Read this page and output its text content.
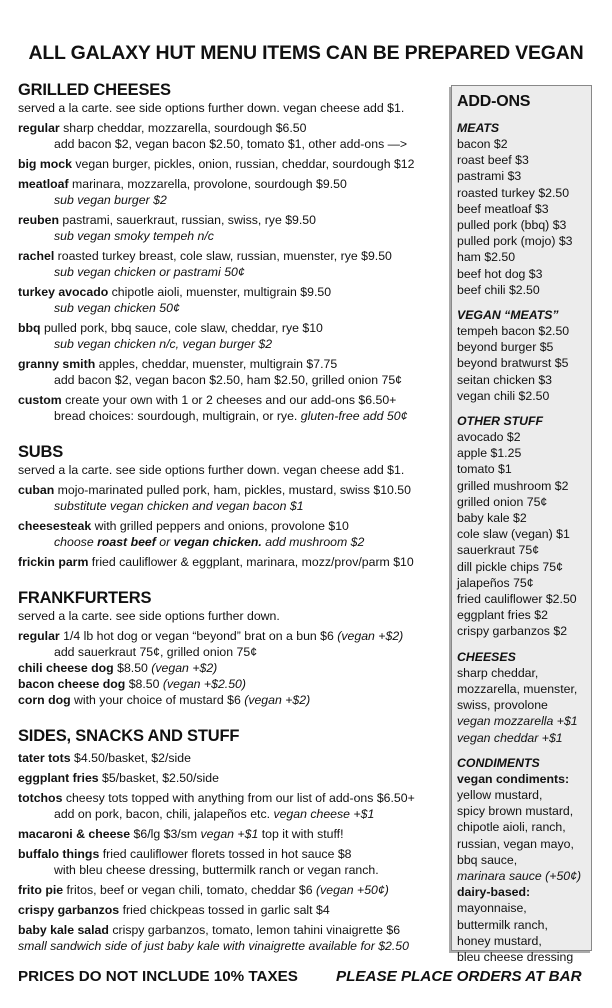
ALL GALAXY HUT MENU ITEMS CAN BE PREPARED VEGAN
GRILLED CHEESES
served a la carte. see side options further down. vegan cheese add $1.
regular sharp cheddar, mozzarella, sourdough $6.50
add bacon $2, vegan bacon $2.50, tomato $1, other add-ons —>
big mock vegan burger, pickles, onion, russian, cheddar, sourdough $12
meatloaf marinara, mozzarella, provolone, sourdough $9.50
sub vegan burger $2
reuben pastrami, sauerkraut, russian, swiss, rye $9.50
sub vegan smoky tempeh n/c
rachel roasted turkey breast, cole slaw, russian, muenster, rye $9.50
sub vegan chicken or pastrami 50¢
turkey avocado chipotle aioli, muenster, multigrain $9.50
sub vegan chicken 50¢
bbq pulled pork, bbq sauce, cole slaw, cheddar, rye $10
sub vegan chicken n/c, vegan burger $2
granny smith apples, cheddar, muenster, multigrain $7.75
add bacon $2, vegan bacon $2.50, ham $2.50, grilled onion 75¢
custom create your own with 1 or 2 cheeses and our add-ons $6.50+
bread choices: sourdough, multigrain, or rye. gluten-free add 50¢
SUBS
served a la carte. see side options further down. vegan cheese add $1.
cuban mojo-marinated pulled pork, ham, pickles, mustard, swiss $10.50
substitute vegan chicken and vegan bacon $1
cheesesteak with grilled peppers and onions, provolone $10
choose roast beef or vegan chicken. add mushroom $2
frickin parm fried cauliflower & eggplant, marinara, mozz/prov/parm $10
FRANKFURTERS
served a la carte. see side options further down.
regular 1/4 lb hot dog or vegan “beyond” brat on a bun $6 (vegan +$2)
add sauerkraut 75¢, grilled onion 75¢
chili cheese dog $8.50 (vegan +$2)
bacon cheese dog $8.50 (vegan +$2.50)
corn dog with your choice of mustard $6 (vegan +$2)
SIDES, SNACKS AND STUFF
tater tots $4.50/basket, $2/side
eggplant fries $5/basket, $2.50/side
totchos cheesy tots topped with anything from our list of add-ons $6.50+
add on pork, bacon, chili, jalapeños etc. vegan cheese +$1
macaroni & cheese $6/lg $3/sm vegan +$1 top it with stuff!
buffalo things fried cauliflower florets tossed in hot sauce $8
with bleu cheese dressing, buttermilk ranch or vegan ranch.
frito pie fritos, beef or vegan chili, tomato, cheddar $6 (vegan +50¢)
crispy garbanzos fried chickpeas tossed in garlic salt $4
baby kale salad crispy garbanzos, tomato, lemon tahini vinaigrette $6
small sandwich side of just baby kale with vinaigrette available for $2.50
ADD-ONS
MEATS
bacon $2
roast beef $3
pastrami $3
roasted turkey $2.50
beef meatloaf $3
pulled pork (bbq) $3
pulled pork (mojo) $3
ham $2.50
beef hot dog $3
beef chili $2.50
VEGAN “MEATS”
tempeh bacon $2.50
beyond burger $5
beyond bratwurst $5
seitan chicken $3
vegan chili $2.50
OTHER STUFF
avocado $2
apple $1.25
tomato $1
grilled mushroom $2
grilled onion 75¢
baby kale $2
cole slaw (vegan) $1
sauerkraut 75¢
dill pickle chips 75¢
jalapeños 75¢
fried cauliflower $2.50
eggplant fries $2
crispy garbanzos $2
CHEESES
sharp cheddar,
mozzarella, muenster,
swiss, provolone
vegan mozzarella +$1
vegan cheddar +$1
CONDIMENTS
vegan condiments:
yellow mustard,
spicy brown mustard,
chipotle aioli, ranch,
russian, vegan mayo,
bbq sauce,
marinara sauce (+50¢)
dairy-based:
mayonnaise,
buttermilk ranch,
honey mustard,
bleu cheese dressing
PRICES DO NOT INCLUDE 10% TAXES	PLEASE PLACE ORDERS AT BAR
